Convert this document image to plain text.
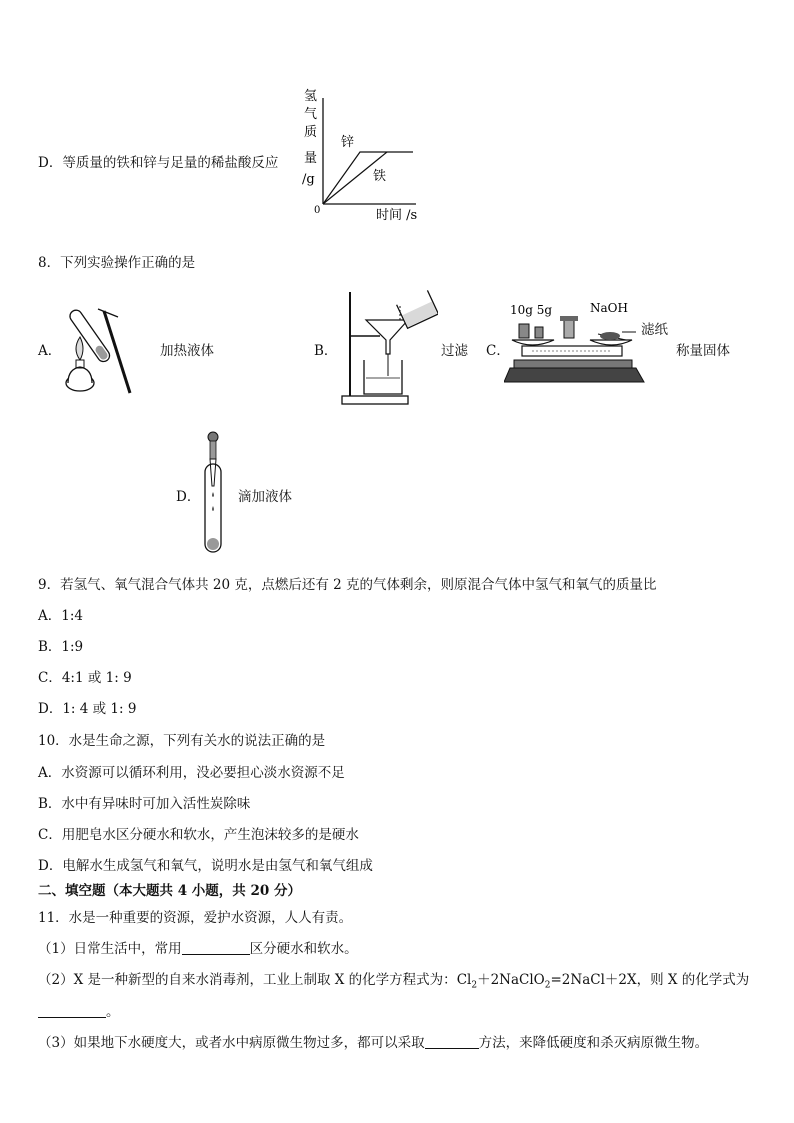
D．等质量的铁和锌与足量的稀盐酸反应
氢
气
质
量
/g
0	时间 /s
锌
铁
8．下列实验操作正确的是
A．	加热液体	B．	过滤 C．
10g 5g	NaOH
滤纸
称量固体
D．	滴加液体
9．若氢气、氧气混合气体共 20 克，点燃后还有 2 克的气体剩余，则原混合气体中氢气和氧气的质量比
A．1:4
B．1:9
C．4:1 或 1: 9
D．1: 4 或 1: 9
10．水是生命之源，下列有关水的说法正确的是
A．水资源可以循环利用，没必要担心淡水资源不足
B．水中有异味时可加入活性炭除味
C．用肥皂水区分硬水和软水，产生泡沫较多的是硬水
D．电解水生成氢气和氧气，说明水是由氢气和氧气组成
二、填空题（本大题共 4 小题，共 20 分）
11．水是一种重要的资源，爱护水资源，人人有责。
（1）日常生活中，常用	区分硬水和软水。
（2）X 是一种新型的自来水消毒剂，工业上制取 X 的化学方程式为：$Cl_2+2NaClO_2=2NaCl+2X$，则 X 的化学式为
。
（3）如果地下水硬度大，或者水中病原微生物过多，都可以采取	方法，来降低硬度和杀灭病原微生物。
